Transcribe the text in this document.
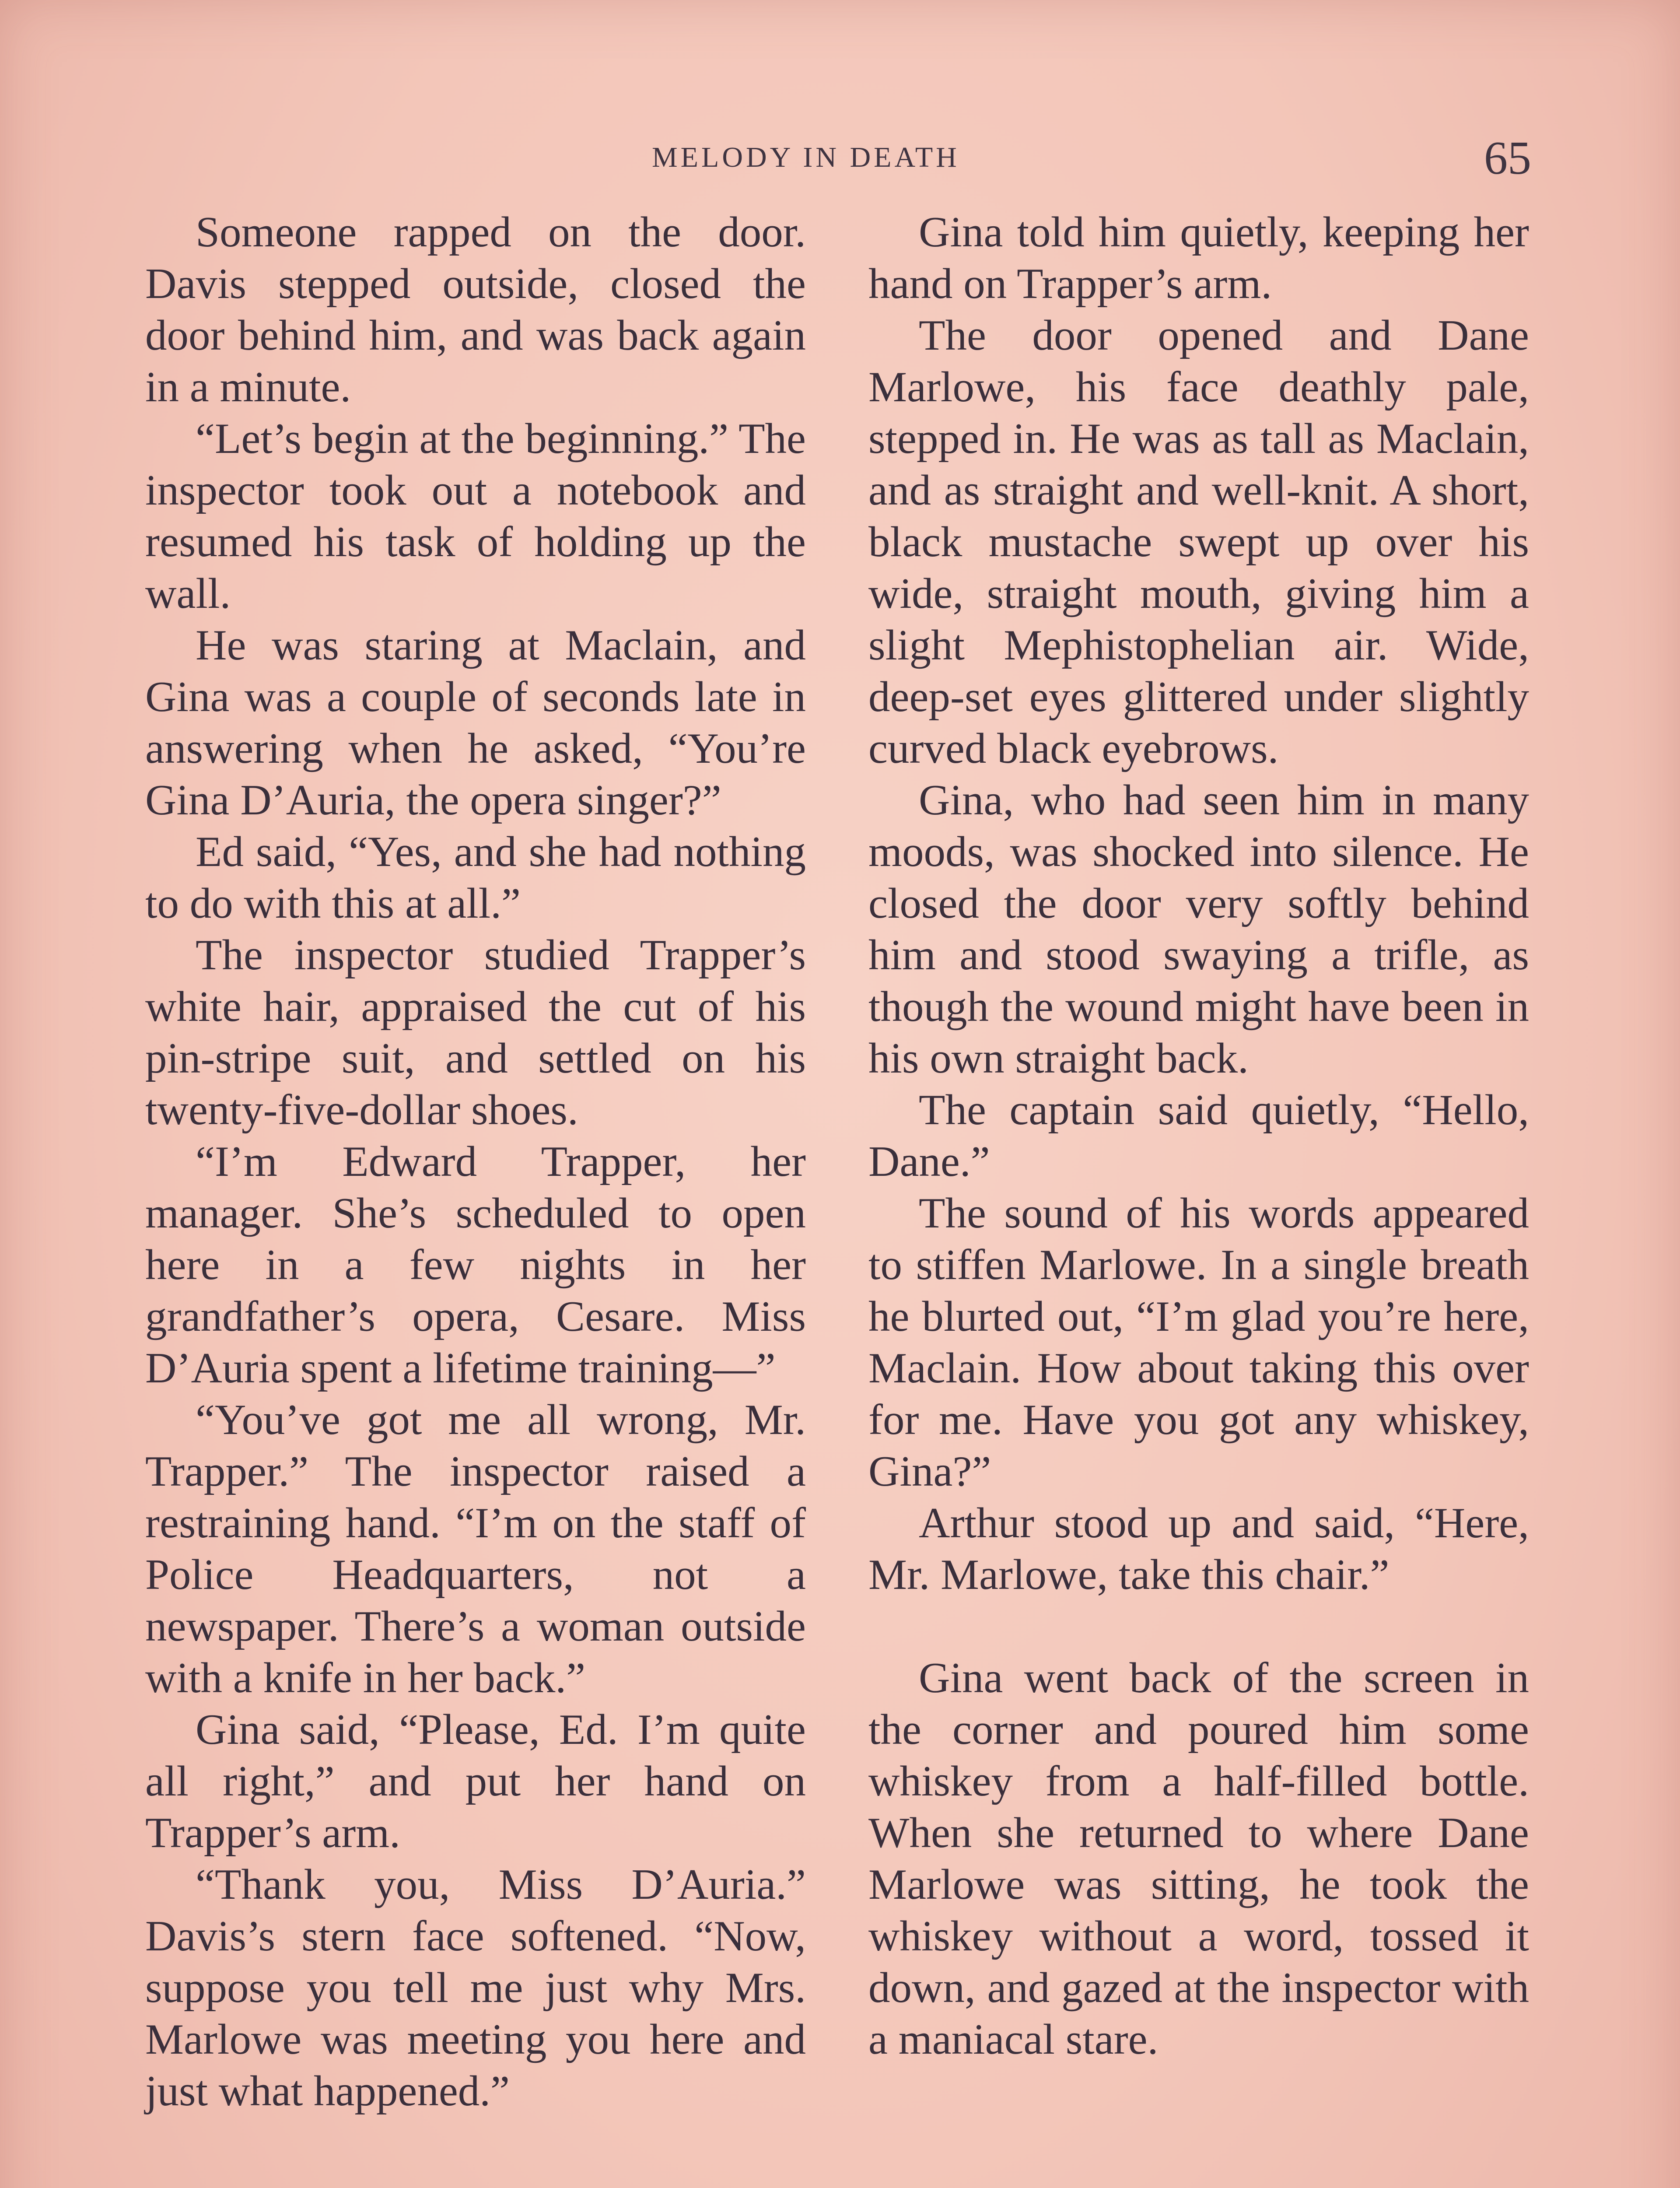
MELODY IN DEATH	65

Someone rapped on the door. Davis stepped outside, closed the door behind him, and was back again in a minute.

“Let’s begin at the beginning.” The inspector took out a notebook and resumed his task of holding up the wall.

He was staring at Maclain, and Gina was a couple of seconds late in answering when he asked, “You’re Gina D’Auria, the opera singer?”

Ed said, “Yes, and she had nothing to do with this at all.”

The inspector studied Trapper’s white hair, appraised the cut of his pin-stripe suit, and settled on his twenty-five-dollar shoes.

“I’m Edward Trapper, her manager. She’s scheduled to open here in a few nights in her grandfather’s opera, Cesare. Miss D’Auria spent a lifetime training—”

“You’ve got me all wrong, Mr. Trapper.” The inspector raised a restraining hand. “I’m on the staff of Police Headquarters, not a newspaper. There’s a woman outside with a knife in her back.”

Gina said, “Please, Ed. I’m quite all right,” and put her hand on Trapper’s arm.

“Thank you, Miss D’Auria.” Davis’s stern face softened. “Now, suppose you tell me just why Mrs. Marlowe was meeting you here and just what happened.”

Gina told him quietly, keeping her hand on Trapper’s arm.

The door opened and Dane Marlowe, his face deathly pale, stepped in. He was as tall as Maclain, and as straight and well-knit. A short, black mustache swept up over his wide, straight mouth, giving him a slight Mephistophelian air. Wide, deep-set eyes glittered under slightly curved black eyebrows.

Gina, who had seen him in many moods, was shocked into silence. He closed the door very softly behind him and stood swaying a trifle, as though the wound might have been in his own straight back.

The captain said quietly, “Hello, Dane.”

The sound of his words appeared to stiffen Marlowe. In a single breath he blurted out, “I’m glad you’re here, Maclain. How about taking this over for me. Have you got any whiskey, Gina?”

Arthur stood up and said, “Here, Mr. Marlowe, take this chair.”

Gina went back of the screen in the corner and poured him some whiskey from a half-filled bottle. When she returned to where Dane Marlowe was sitting, he took the whiskey without a word, tossed it down, and gazed at the inspector with a maniacal stare.
